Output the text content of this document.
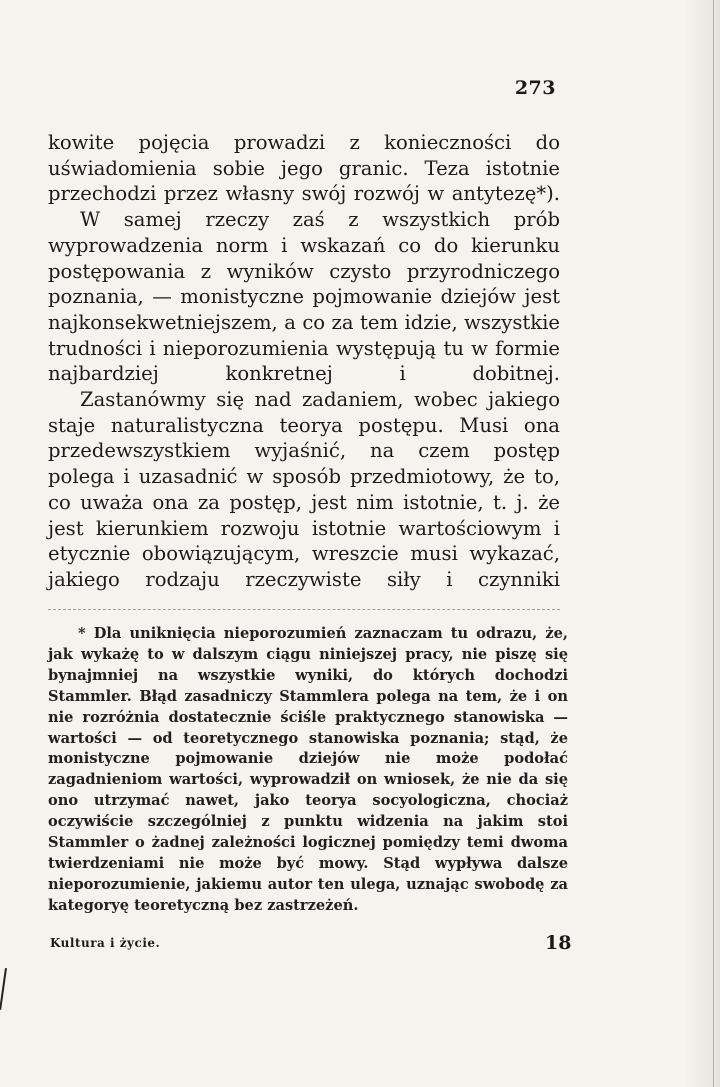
273

kowite pojęcia prowadzi z konieczności do uświadomienia sobie jego granic. Teza istotnie przechodzi przez własny swój rozwój w antytezę*).

W samej rzeczy zaś z wszystkich prób wyprowadzenia norm i wskazań co do kierunku postępowania z wyników czysto przyrodniczego poznania, — monistyczne pojmowanie dziejów jest najkonsekwetniejszem, a co za tem idzie, wszystkie trudności i nieporozumienia występują tu w formie najbardziej konkretnej i dobitnej.

Zastanówmy się nad zadaniem, wobec jakiego staje naturalistyczna teorya postępu. Musi ona przedewszystkiem wyjaśnić, na czem postęp polega i uzasadnić w sposób przedmiotowy, że to, co uważa ona za postęp, jest nim istotnie, t. j. że jest kierunkiem rozwoju istotnie wartościowym i etycznie obowiązującym, wreszcie musi wykazać, jakiego rodzaju rzeczywiste siły i czynniki

* Dla uniknięcia nieporozumień zaznaczam tu odrazu, że, jak wykażę to w dalszym ciągu niniejszej pracy, nie piszę się bynajmniej na wszystkie wyniki, do których dochodzi Stammler. Błąd zasadniczy Stammlera polega na tem, że i on nie rozróżnia dostatecznie ściśle praktycznego stanowiska — wartości — od teoretycznego stanowiska poznania; stąd, że monistyczne pojmowanie dziejów nie może podołać zagadnieniom wartości, wyprowadził on wniosek, że nie da się ono utrzymać nawet, jako teorya socyologiczna, chociaż oczywiście szczególniej z punktu widzenia na jakim stoi Stammler o żadnej zależności logicznej pomiędzy temi dwoma twierdzeniami nie może być mowy. Stąd wypływa dalsze nieporozumienie, jakiemu autor ten ulega, uznając swobodę za kategoryę teoretyczną bez zastrzeżeń.

Kultura i życie.	18
